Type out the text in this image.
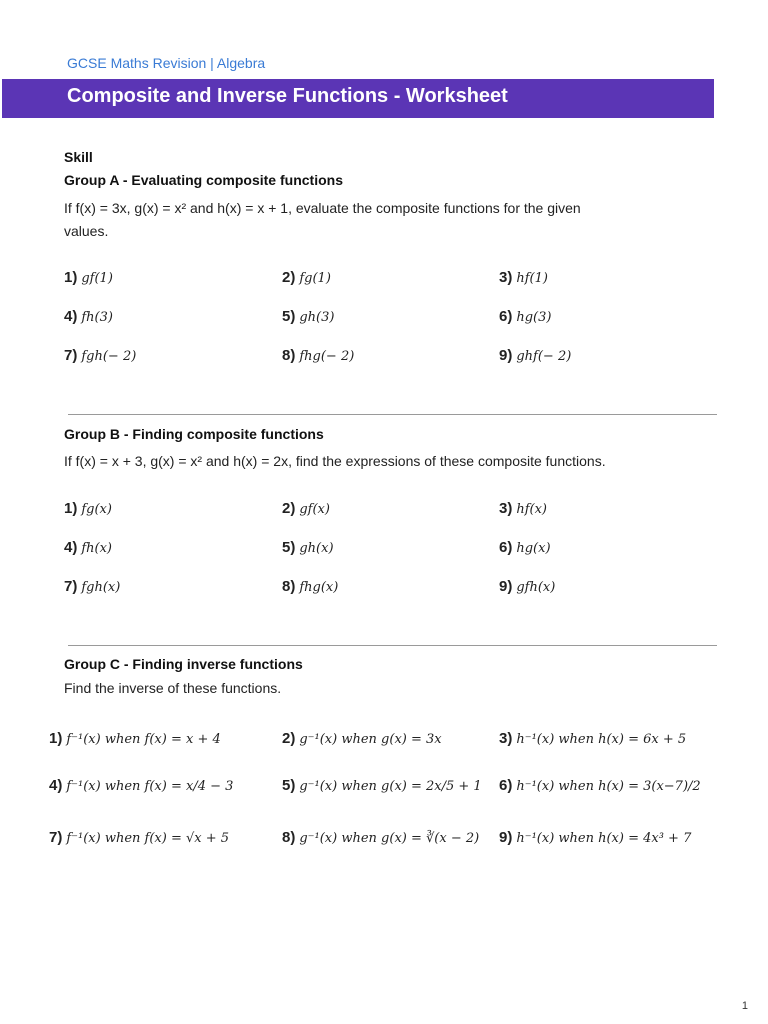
GCSE Maths Revision | Algebra
Composite and Inverse Functions - Worksheet
Skill
Group A - Evaluating composite functions
If f(x) = 3x, g(x) = x² and h(x) = x + 1, evaluate the composite functions for the given
values.
1) gf(1)	2) fg(1)	3) hf(1)
4) fh(3)	5) gh(3)	6) hg(3)
7) fgh(− 2)	8) fhg(− 2)	9) ghf(− 2)
Group B - Finding composite functions
If f(x) = x + 3, g(x) = x² and h(x) = 2x, find the expressions of these composite functions.
1) fg(x)	2) gf(x)	3) hf(x)
4) fh(x)	5) gh(x)	6) hg(x)
7) fgh(x)	8) fhg(x)	9) gfh(x)
Group C - Finding inverse functions
Find the inverse of these functions.
1) f⁻¹(x) when f(x) = x + 4	2) g⁻¹(x) when g(x) = 3x	3) h⁻¹(x) when h(x) = 6x + 5
4) f⁻¹(x) when f(x) = x/4 − 3	5) g⁻¹(x) when g(x) = 2x/5 + 1 6) h⁻¹(x) when h(x) = 3(x−7)/2
7) f⁻¹(x) when f(x) = √x + 5	8) g⁻¹(x) when g(x) = ∛(x − 2) 9) h⁻¹(x) when h(x) = 4x³ + 7
1
